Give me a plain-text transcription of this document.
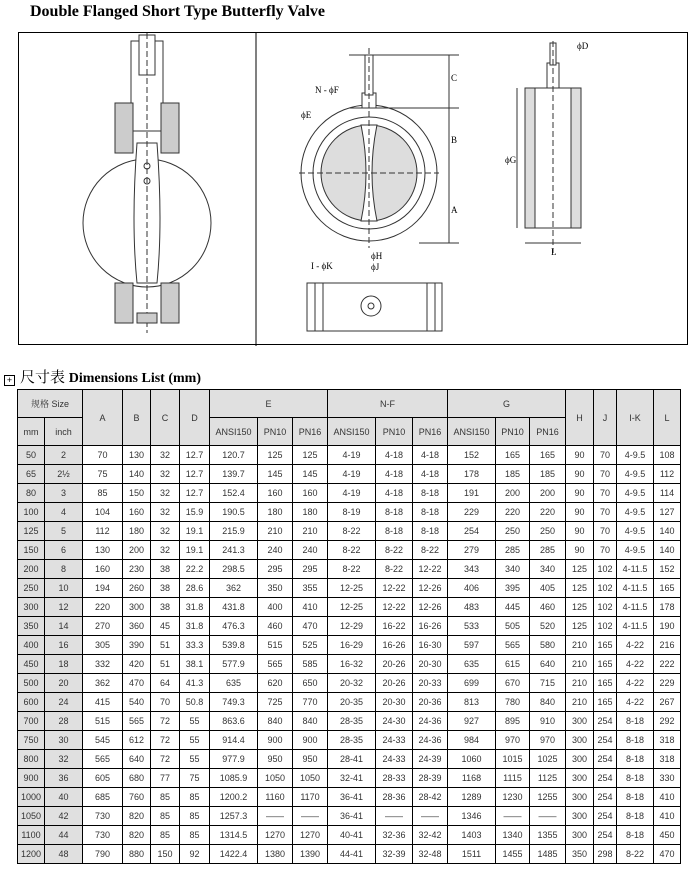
Double Flanged Short Type Butterfly Valve
C
B
A
N - ϕF
ϕE
ϕH
ϕJ
I - ϕK
ϕG
L
ϕD
+ 尺寸表 Dimensions List (mm)
规格 Size		A	B	C	D	E			N-F			G			H	J	I-K	L
mm	inch					ANSI150	PN10	PN16	ANSI150	PN10	PN16	ANSI150	PN10	PN16				
50	2	70	130	32	12.7	120.7	125	125	4-19	4-18	4-18	152	165	165	90	70	4-9.5	108
65	2½	75	140	32	12.7	139.7	145	145	4-19	4-18	4-18	178	185	185	90	70	4-9.5	112
80	3	85	150	32	12.7	152.4	160	160	4-19	4-18	8-18	191	200	200	90	70	4-9.5	114
100	4	104	160	32	15.9	190.5	180	180	8-19	8-18	8-18	229	220	220	90	70	4-9.5	127
125	5	112	180	32	19.1	215.9	210	210	8-22	8-18	8-18	254	250	250	90	70	4-9.5	140
150	6	130	200	32	19.1	241.3	240	240	8-22	8-22	8-22	279	285	285	90	70	4-9.5	140
200	8	160	230	38	22.2	298.5	295	295	8-22	8-22	12-22	343	340	340	125	102	4-11.5	152
250	10	194	260	38	28.6	362	350	355	12-25	12-22	12-26	406	395	405	125	102	4-11.5	165
300	12	220	300	38	31.8	431.8	400	410	12-25	12-22	12-26	483	445	460	125	102	4-11.5	178
350	14	270	360	45	31.8	476.3	460	470	12-29	16-22	16-26	533	505	520	125	102	4-11.5	190
400	16	305	390	51	33.3	539.8	515	525	16-29	16-26	16-30	597	565	580	210	165	4-22	216
450	18	332	420	51	38.1	577.9	565	585	16-32	20-26	20-30	635	615	640	210	165	4-22	222
500	20	362	470	64	41.3	635	620	650	20-32	20-26	20-33	699	670	715	210	165	4-22	229
600	24	415	540	70	50.8	749.3	725	770	20-35	20-30	20-36	813	780	840	210	165	4-22	267
700	28	515	565	72	55	863.6	840	840	28-35	24-30	24-36	927	895	910	300	254	8-18	292
750	30	545	612	72	55	914.4	900	900	28-35	24-33	24-36	984	970	970	300	254	8-18	318
800	32	565	640	72	55	977.9	950	950	28-41	24-33	24-39	1060	1015	1025	300	254	8-18	318
900	36	605	680	77	75	1085.9	1050	1050	32-41	28-33	28-39	1168	1115	1125	300	254	8-18	330
1000	40	685	760	85	85	1200.2	1160	1170	36-41	28-36	28-42	1289	1230	1255	300	254	8-18	410
1050	42	730	820	85	85	1257.3	——	——	36-41	——	——	1346	——	——	300	254	8-18	410
1100	44	730	820	85	85	1314.5	1270	1270	40-41	32-36	32-42	1403	1340	1355	300	254	8-18	450
1200	48	790	880	150	92	1422.4	1380	1390	44-41	32-39	32-48	1511	1455	1485	350	298	8-22	470
